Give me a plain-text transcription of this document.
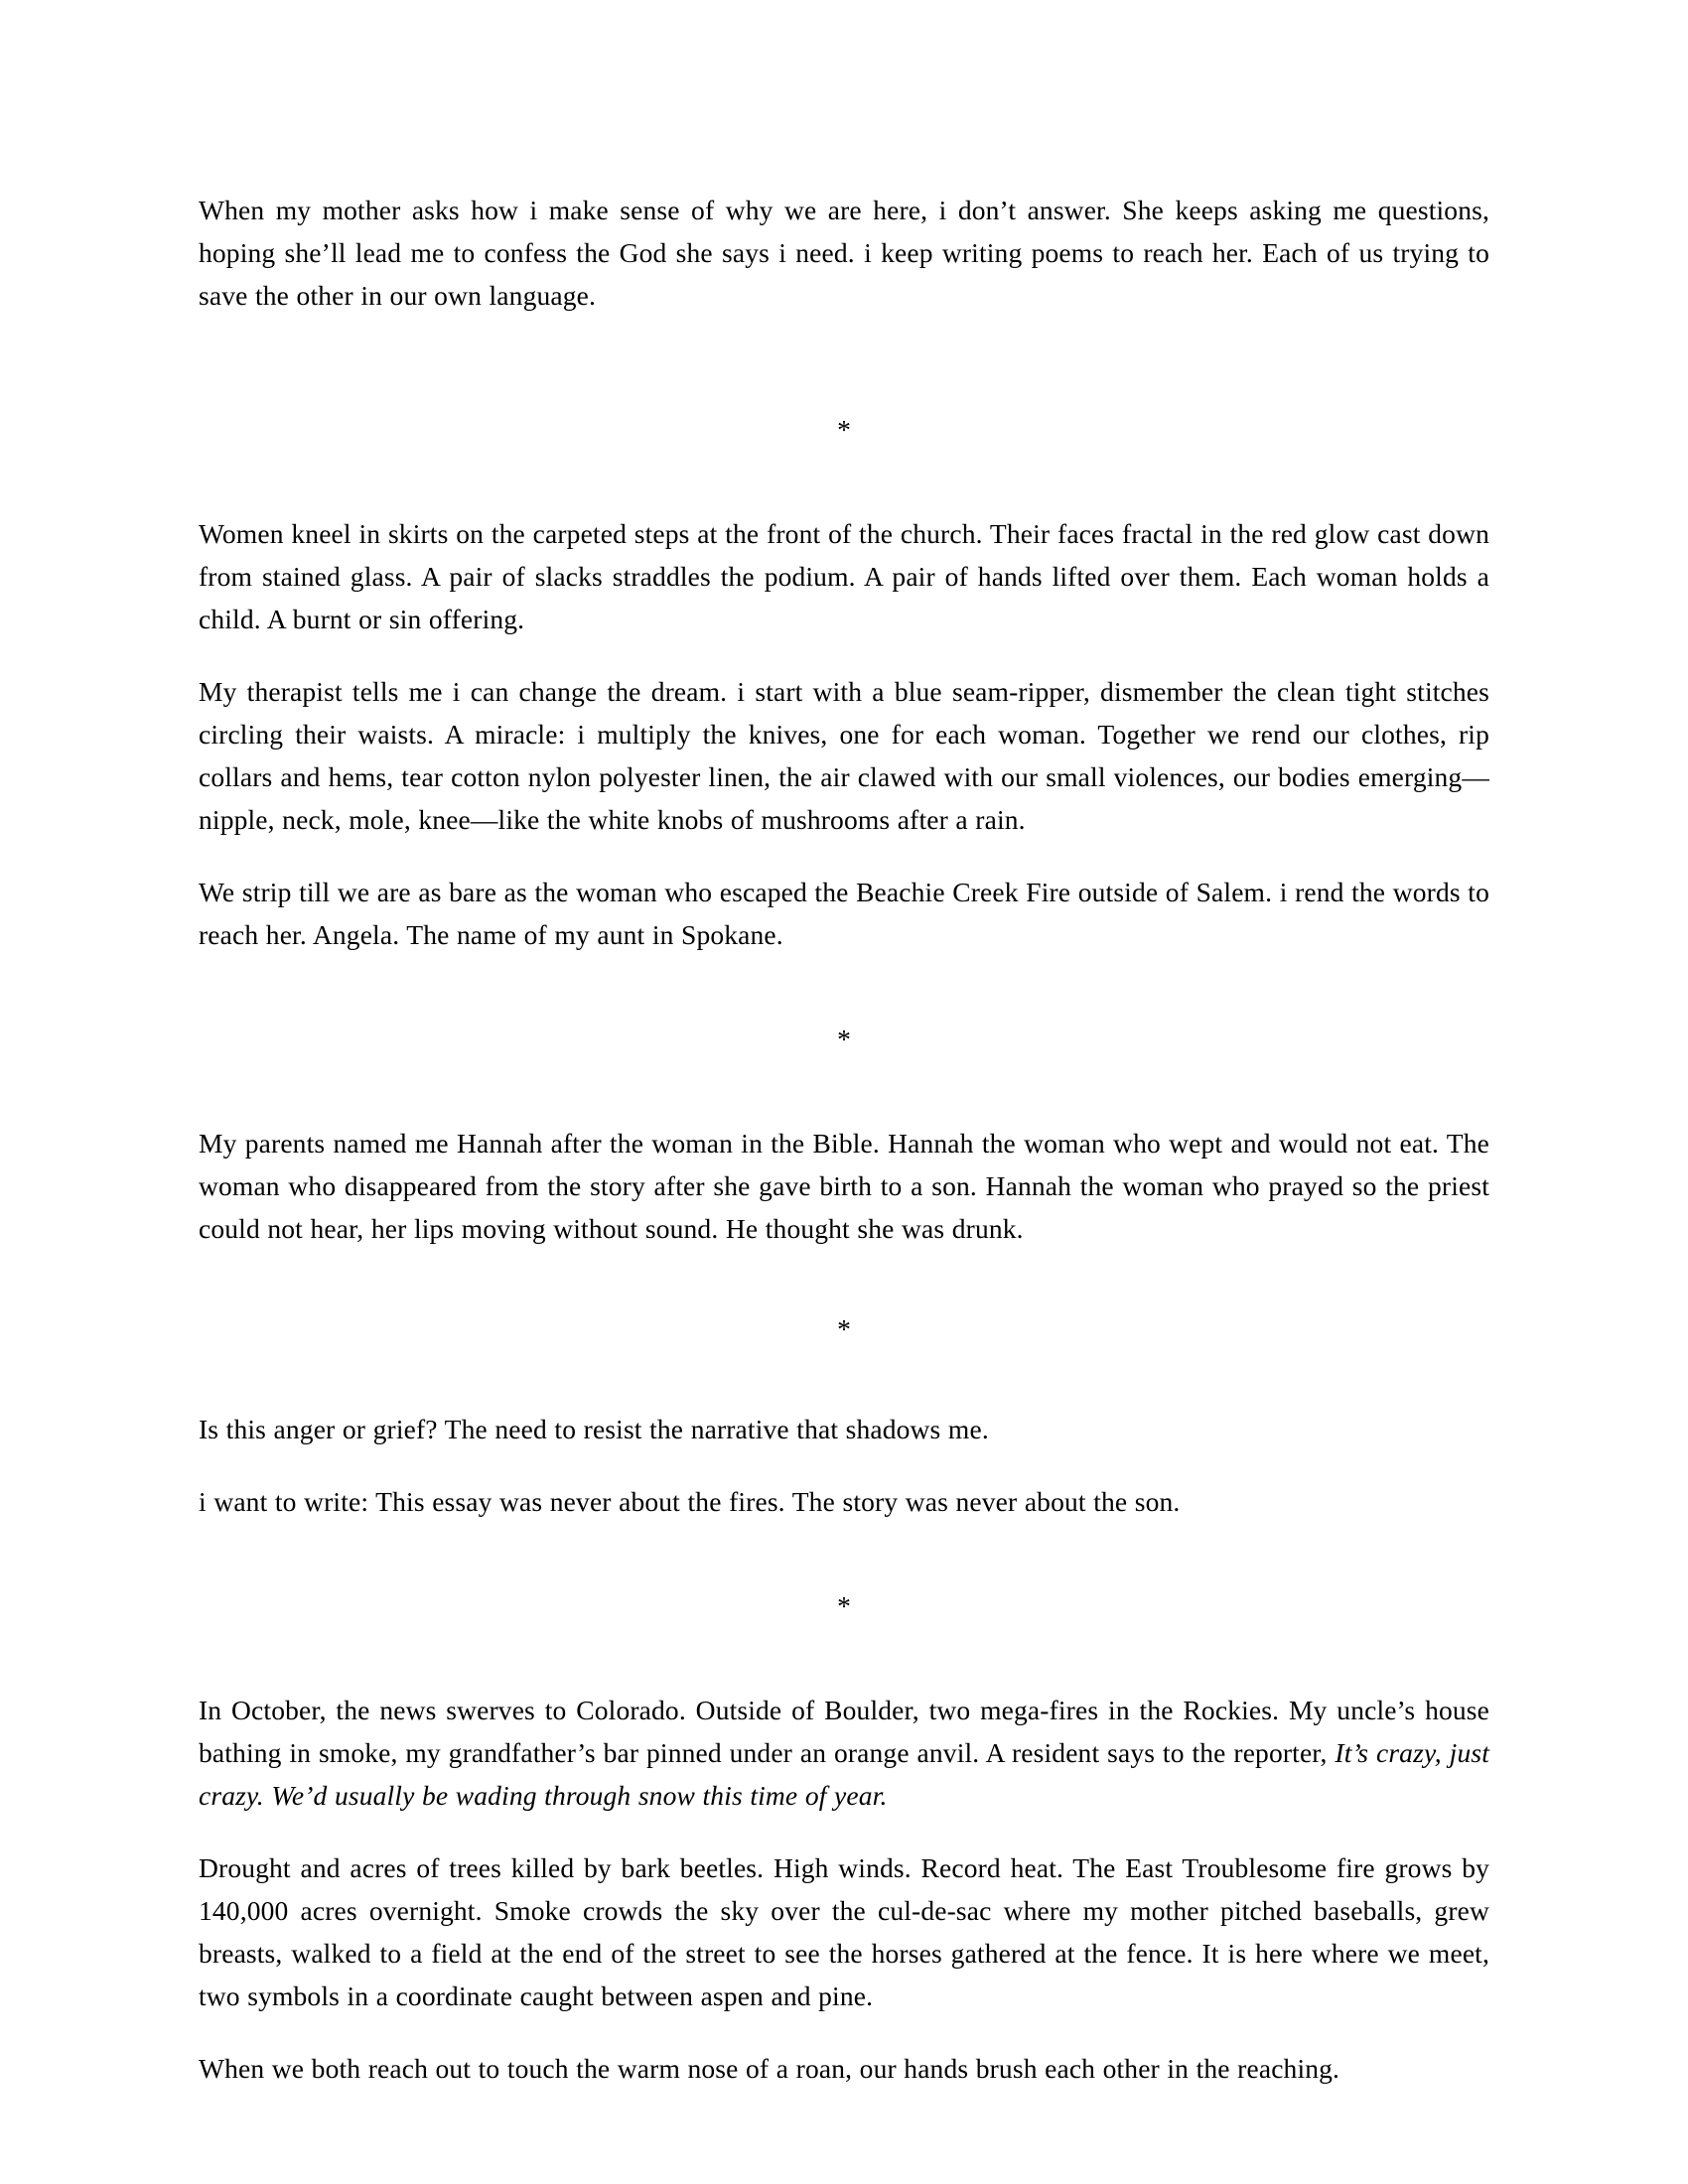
When my mother asks how i make sense of why we are here, i don’t answer. She keeps asking me questions, hoping she’ll lead me to confess the God she says i need. i keep writing poems to reach her. Each of us trying to save the other in our own language.

*

Women kneel in skirts on the carpeted steps at the front of the church. Their faces fractal in the red glow cast down from stained glass. A pair of slacks straddles the podium. A pair of hands lifted over them. Each woman holds a child. A burnt or sin offering.

My therapist tells me i can change the dream. i start with a blue seam-ripper, dismember the clean tight stitches circling their waists. A miracle: i multiply the knives, one for each woman. Together we rend our clothes, rip collars and hems, tear cotton nylon polyester linen, the air clawed with our small violences, our bodies emerging—nipple, neck, mole, knee—like the white knobs of mushrooms after a rain.

We strip till we are as bare as the woman who escaped the Beachie Creek Fire outside of Salem. i rend the words to reach her. Angela. The name of my aunt in Spokane.

*

My parents named me Hannah after the woman in the Bible. Hannah the woman who wept and would not eat. The woman who disappeared from the story after she gave birth to a son. Hannah the woman who prayed so the priest could not hear, her lips moving without sound. He thought she was drunk.

*

Is this anger or grief? The need to resist the narrative that shadows me.

i want to write: This essay was never about the fires. The story was never about the son.

*

In October, the news swerves to Colorado. Outside of Boulder, two mega-fires in the Rockies. My uncle’s house bathing in smoke, my grandfather’s bar pinned under an orange anvil. A resident says to the reporter, It’s crazy, just crazy. We’d usually be wading through snow this time of year.

Drought and acres of trees killed by bark beetles. High winds. Record heat. The East Troublesome fire grows by 140,000 acres overnight. Smoke crowds the sky over the cul-de-sac where my mother pitched baseballs, grew breasts, walked to a field at the end of the street to see the horses gathered at the fence. It is here where we meet, two symbols in a coordinate caught between aspen and pine.

When we both reach out to touch the warm nose of a roan, our hands brush each other in the reaching.
